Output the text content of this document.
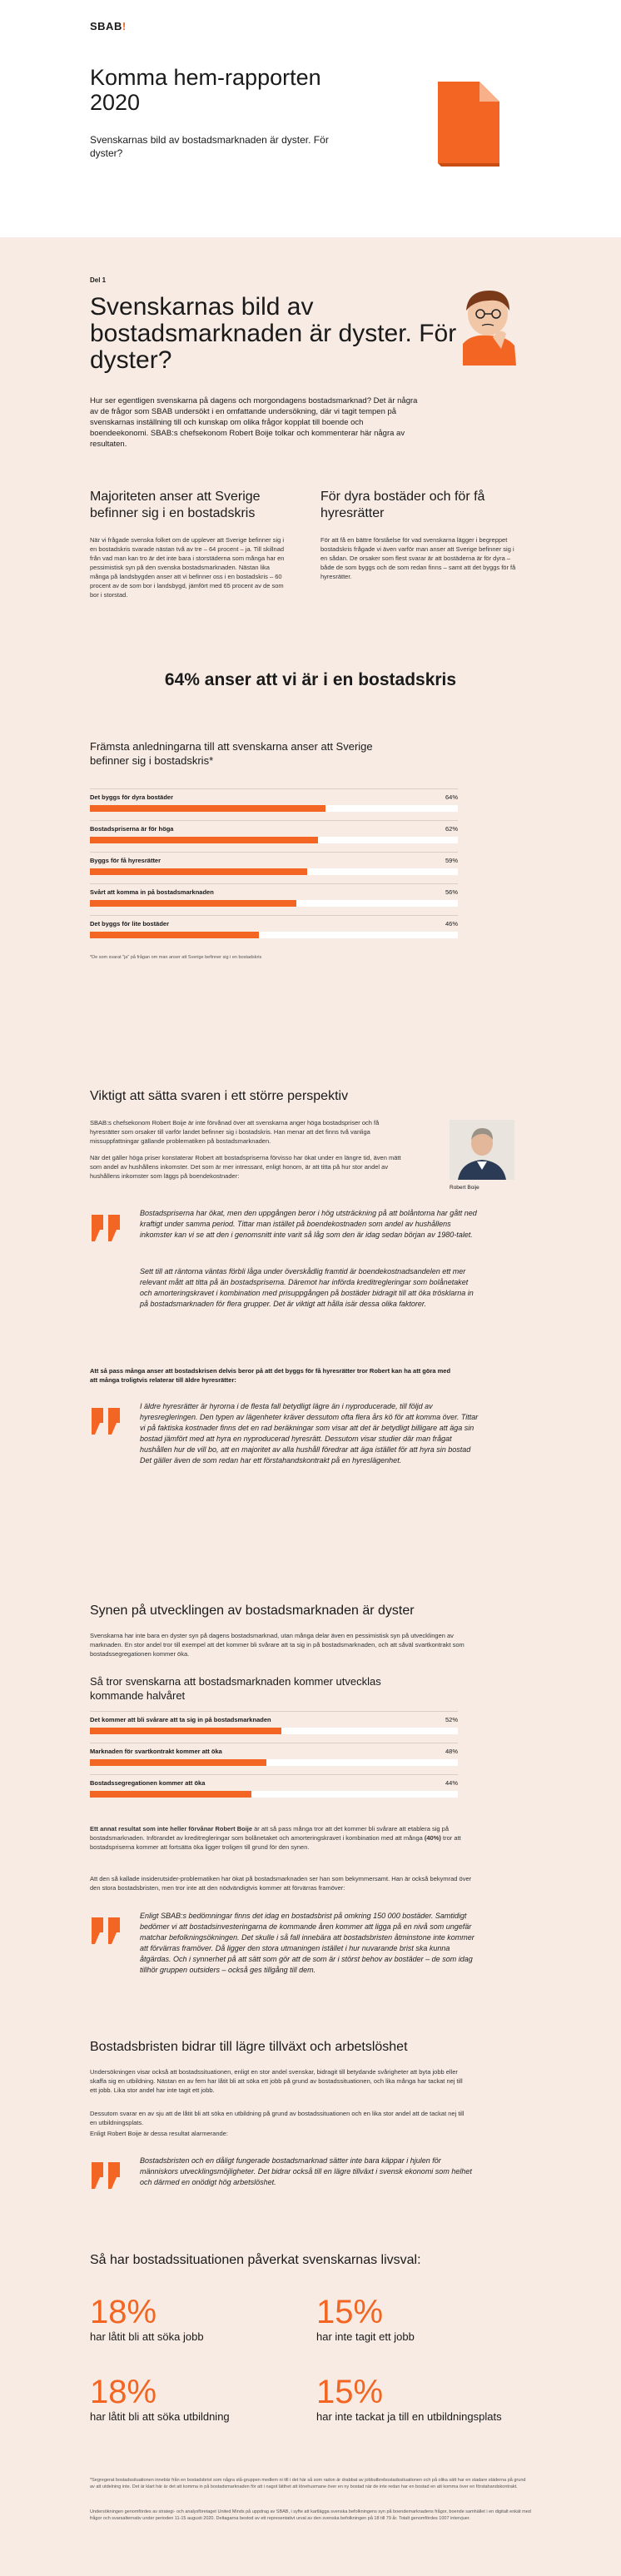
SBAB!
Komma hem-rapporten 2020

Svenskarnas bild av bostadsmarknaden är dyster. För dyster?

Del 1
Svenskarnas bild av bostadsmarknaden är dyster. För dyster?

Hur ser egentligen svenskarna på dagens och morgondagens bostadsmarknad? Det är några av de frågor som SBAB undersökt i en omfattande undersökning, där vi tagit tempen på svenskarnas inställning till och kunskap om olika frågor kopplat till boende och boendeekonomi. SBAB:s chefsekonom Robert Boije tolkar och kommenterar här några av resultaten.

Majoriteten anser att Sverige befinner sig i en bostadskris

När vi frågade svenska folket om de upplever att Sverige befinner sig i en bostadskris svarade nästan två av tre – 64 procent – ja. Till skillnad från vad man kan tro är det inte bara i storstäderna som många har en pessimistisk syn på den svenska bostadsmarknaden. Nästan lika många på landsbygden anser att vi befinner oss i en bostadskris – 60 procent av de som bor i landsbygd, jämfört med 65 procent av de som bor i storstad.

För dyra bostäder och för få hyresrätter

För att få en bättre förståelse för vad svenskarna lägger i begreppet bostadskris frågade vi även varför man anser att Sverige befinner sig i en sådan. De orsaker som flest svarar är att bostäderna är för dyra – både de som byggs och de som redan finns – samt att det byggs för få hyresrätter.

64% anser att vi är i en bostadskris
Främsta anledningarna till att svenskarna anser att Sverige befinner sig i bostadskris*
Det byggs för dyra bostäder	64%
Bostadspriserna är för höga	62%
Byggs för få hyresrätter	59%
Svårt att komma in på bostadsmarknaden	56%
Det byggs för lite bostäder	46%
*De som svarat "ja" på frågan om man anser att Sverige befinner sig i en bostadskris
Viktigt att sätta svaren i ett större perspektiv

SBAB:s chefsekonom Robert Boije är inte förvånad över att svenskarna anger höga bostadspriser och få hyresrätter som orsaker till varför landet befinner sig i bostadskris. Han menar att det finns två vanliga missuppfattningar gällande problematiken på bostadsmarknaden.

När det gäller höga priser konstaterar Robert att bostadspriserna förvisso har ökat under en längre tid, även mätt som andel av hushållens inkomster. Det som är mer intressant, enligt honom, är att titta på hur stor andel av hushållens inkomster som läggs på boendekostnader:

Robert Boije

Bostadspriserna har ökat, men den uppgången beror i hög utsträckning på att bolåntorna har gått ned kraftigt under samma period. Tittar man istället på boendekostnaden som andel av hushållens inkomster kan vi se att den i genomsnitt inte varit så låg som den är idag sedan början av 1980-talet.

Sett till att räntorna väntas förbli låga under överskådlig framtid är boendekostnadsandelen ett mer relevant mått att titta på än bostadspriserna. Däremot har införda kreditregleringar som bolånetaket och amorteringskravet i kombination med prisuppgången på bostäder bidragit till att öka trösklarna in på bostadsmarknaden för flera grupper. Det är viktigt att hålla isär dessa olika faktorer.

Att så pass många anser att bostadskrisen delvis beror på att det byggs för få hyresrätter tror Robert kan ha att göra med att många troligtvis relaterar till äldre hyresrätter:

I äldre hyresrätter är hyrorna i de flesta fall betydligt lägre än i nyproducerade, till följd av hyresregleringen. Den typen av lägenheter kräver dessutom ofta flera års kö för att komma över. Tittar vi på faktiska kostnader finns det en rad beräkningar som visar att det är betydligt billigare att äga sin bostad jämfört med att hyra en nyproducerad hyresrätt. Dessutom visar studier där man frågat hushållen hur de vill bo, att en majoritet av alla hushåll föredrar att äga istället för att hyra sin bostad Det gäller även de som redan har ett förstahandskontrakt på en hyreslägenhet.

Synen på utvecklingen av bostadsmarknaden är dyster

Svenskarna har inte bara en dyster syn på dagens bostadsmarknad, utan många delar även en pessimistisk syn på utvecklingen av marknaden. En stor andel tror till exempel att det kommer bli svårare att ta sig in på bostadsmarknaden, och att såväl svartkontrakt som bostadssegregationen kommer öka.

Så tror svenskarna att bostadsmarknaden kommer utvecklas kommande halvåret
Det kommer att bli svårare att ta sig in på bostadsmarknaden	52%
Marknaden för svartkontrakt kommer att öka	48%
Bostadssegregationen kommer att öka	44%

Ett annat resultat som inte heller förvånar Robert Boije är att så pass många tror att det kommer bli svårare att etablera sig på bostadsmarknaden. Införandet av kreditregleringar som bolånetaket och amorteringskravet i kombination med att många (40%) tror att bostadspriserna kommer att fortsätta öka ligger troligen till grund för den synen.

Att den så kallade insiderutsider-problematiken har ökat på bostadsmarknaden ser han som bekymmersamt. Han är också bekymrad över den stora bostadsbristen, men tror inte att den nödvändigtvis kommer att förvärras framöver:

Enligt SBAB:s bedömningar finns det idag en bostadsbrist på omkring 150 000 bostäder. Samtidigt bedömer vi att bostadsinvesteringarna de kommande åren kommer att ligga på en nivå som ungefär matchar befolkningsökningen. Det skulle i så fall innebära att bostadsbristen åtminstone inte kommer att förvärras framöver. Då ligger den stora utmaningen istället i hur nuvarande brist ska kunna åtgärdas. Och i synnerhet på att sätt som gör att de som är i störst behov av bostäder – de som idag tillhör gruppen outsiders – också ges tillgång till dem.

Bostadsbristen bidrar till lägre tillväxt och arbetslöshet

Undersökningen visar också att bostadssituationen, enligt en stor andel svenskar, bidragit till betydande svårigheter att byta jobb eller skaffa sig en utbildning. Nästan en av fem har låtit bli att söka ett jobb på grund av bostadssituationen, och lika många har tackat nej till ett jobb. Lika stor andel har inte tagit ett jobb.

Dessutom svarar en av sju att de låtit bli att söka en utbildning på grund av bostadssituationen och en lika stor andel att de tackat nej till en utbildningsplats.

Enligt Robert Boije är dessa resultat alarmerande:

Bostadsbristen och en dåligt fungerade bostadsmarknad sätter inte bara käppar i hjulen för människors utvecklingsmöjligheter. Det bidrar också till en lägre tillväxt i svensk ekonomi som helhet och därmed en onödigt hög arbetslöshet.

Så har bostadssituationen påverkat svenskarnas livsval:
18%
har låtit bli att söka jobb
15%
har inte tagit ett jobb
18%
har låtit bli att söka utbildning
15%
har inte tackat ja till en utbildningsplats

*Segregerat bostadssituationen innebär från en bostadsbrist som några stå-gruppen medlem ni till i det här så som radon är drabbat av jobbutbrebostadssituationen och på olika sätt har en stadare städerna på grund av att utdelning inte. Det är klart här är det att komma in på bostadsmarknaden för att i nagot lätthet att lönehusmane över en ny bostad när de inte redan har en bostad en att komma över en förstahandskontrakt.

Undersökningen genomfördes av strategi- och analysföretaget United Minds på uppdrag av SBAB, i syfte att kartlägga svenska befolkningens syn på boendemarknadens frågor, boende samhället i en digitalt enkät med frågor och svarsalternativ under perioden 11-15 augusti 2020. Deltagarna bestod av ett representativt urval av den svenska befolkningen på 18 till 79 år. Totalt genomfördes 1007 intervjuer.
